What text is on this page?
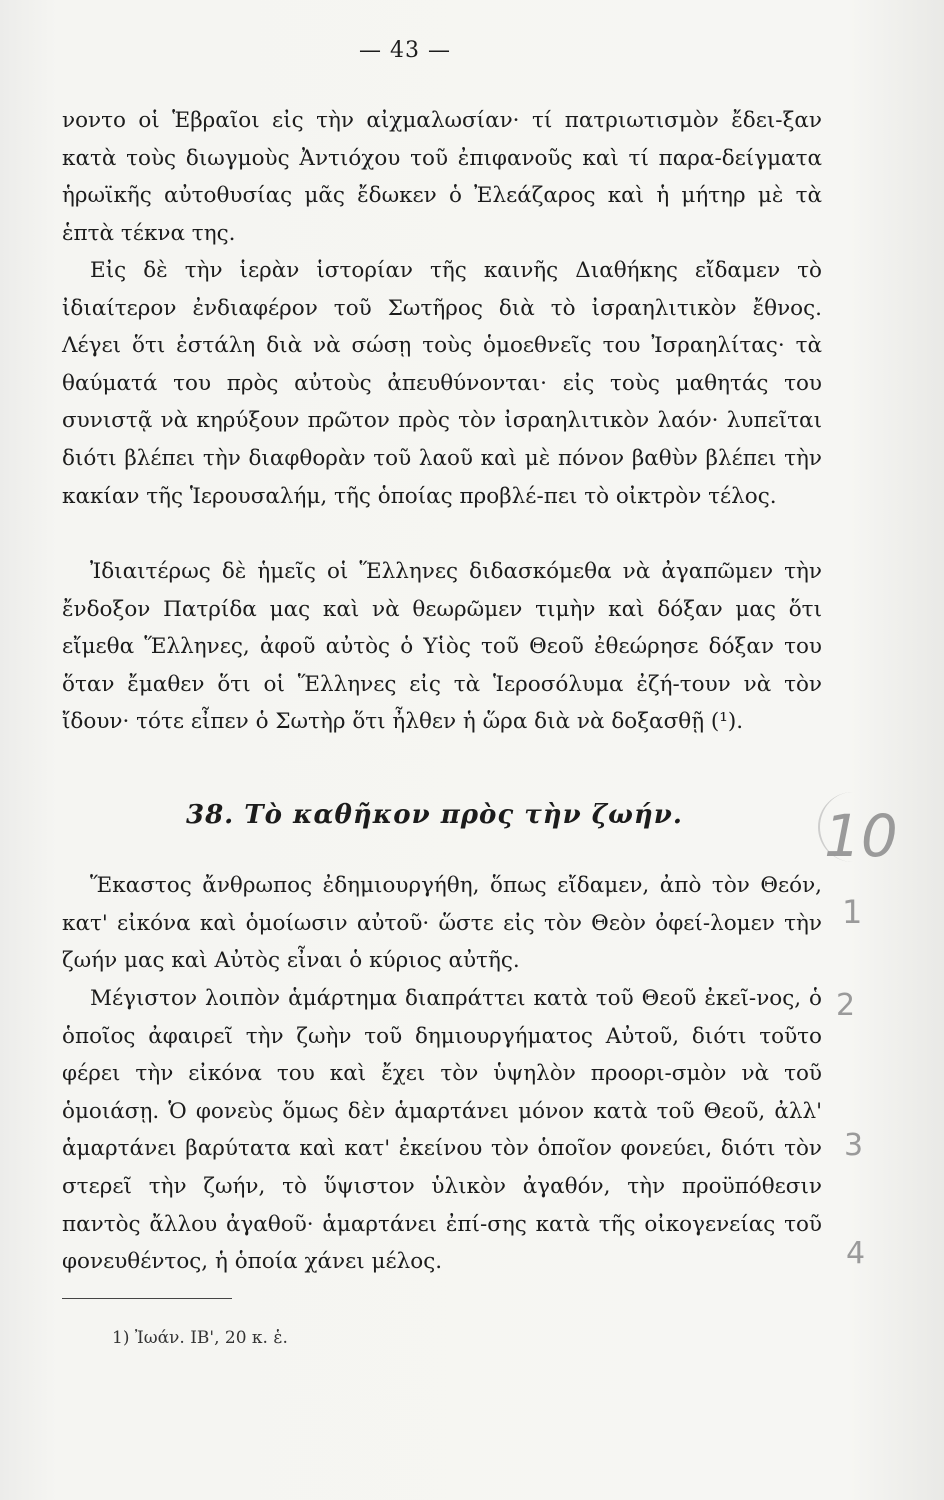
— 43 —

νοντο οἱ Ἑβραῖοι εἰς τὴν αἰχμαλωσίαν· τί πατριωτισμὸν ἔδει-ξαν κατὰ τοὺς διωγμοὺς Ἀντιόχου τοῦ ἐπιφανοῦς καὶ τί παρα-δείγματα ἡρωϊκῆς αὐτοθυσίας μᾶς ἔδωκεν ὁ Ἐλεάζαρος καὶ ἡ μήτηρ μὲ τὰ ἑπτὰ τέκνα της.

Εἰς δὲ τὴν ἱερὰν ἱστορίαν τῆς καινῆς Διαθήκης εἴδαμεν τὸ ἰδιαίτερον ἐνδιαφέρον τοῦ Σωτῆρος διὰ τὸ ἰσραηλιτικὸν ἔθνος. Λέγει ὅτι ἐστάλη διὰ νὰ σώσῃ τοὺς ὁμοεθνεῖς του Ἰσραηλίτας· τὰ θαύματά του πρὸς αὐτοὺς ἀπευθύνονται· εἰς τοὺς μαθητάς του συνιστᾷ νὰ κηρύξουν πρῶτον πρὸς τὸν ἰσραηλιτικὸν λαόν· λυπεῖται διότι βλέπει τὴν διαφθορὰν τοῦ λαοῦ καὶ μὲ πόνον βαθὺν βλέπει τὴν κακίαν τῆς Ἱερουσαλήμ, τῆς ὁποίας προβλέ-πει τὸ οἰκτρὸν τέλος.

Ἰδιαιτέρως δὲ ἡμεῖς οἱ Ἕλληνες διδασκόμεθα νὰ ἀγαπῶμεν τὴν ἔνδοξον Πατρίδα μας καὶ νὰ θεωρῶμεν τιμὴν καὶ δόξαν μας ὅτι εἴμεθα Ἕλληνες, ἀφοῦ αὐτὸς ὁ Υἱὸς τοῦ Θεοῦ ἐθεώρησε δόξαν του ὅταν ἔμαθεν ὅτι οἱ Ἕλληνες εἰς τὰ Ἱεροσόλυμα ἐζή-τουν νὰ τὸν ἴδουν· τότε εἶπεν ὁ Σωτὴρ ὅτι ἦλθεν ἡ ὥρα διὰ νὰ δοξασθῇ (¹).

38. Τὸ καθῆκον πρὸς τὴν ζωήν.

Ἕκαστος ἄνθρωπος ἐδημιουργήθη, ὅπως εἴδαμεν, ἀπὸ τὸν Θεόν, κατ' εἰκόνα καὶ ὁμοίωσιν αὐτοῦ· ὥστε εἰς τὸν Θεὸν ὀφεί-λομεν τὴν ζωήν μας καὶ Αὐτὸς εἶναι ὁ κύριος αὐτῆς.

Μέγιστον λοιπὸν ἁμάρτημα διαπράττει κατὰ τοῦ Θεοῦ ἐκεῖ-νος, ὁ ὁποῖος ἀφαιρεῖ τὴν ζωὴν τοῦ δημιουργήματος Αὐτοῦ, διότι τοῦτο φέρει τὴν εἰκόνα του καὶ ἔχει τὸν ὑψηλὸν προορι-σμὸν νὰ τοῦ ὁμοιάσῃ. Ὁ φονεὺς ὅμως δὲν ἁμαρτάνει μόνον κατὰ τοῦ Θεοῦ, ἀλλ' ἁμαρτάνει βαρύτατα καὶ κατ' ἐκείνου τὸν ὁποῖον φονεύει, διότι τὸν στερεῖ τὴν ζωήν, τὸ ὕψιστον ὑλικὸν ἀγαθόν, τὴν προϋπόθεσιν παντὸς ἄλλου ἀγαθοῦ· ἁμαρτάνει ἐπί-σης κατὰ τῆς οἰκογενείας τοῦ φονευθέντος, ἡ ὁποία χάνει μέλος.

1) Ἰωάν. ΙΒ', 20 κ. ἑ.
10
1
2
3
4
